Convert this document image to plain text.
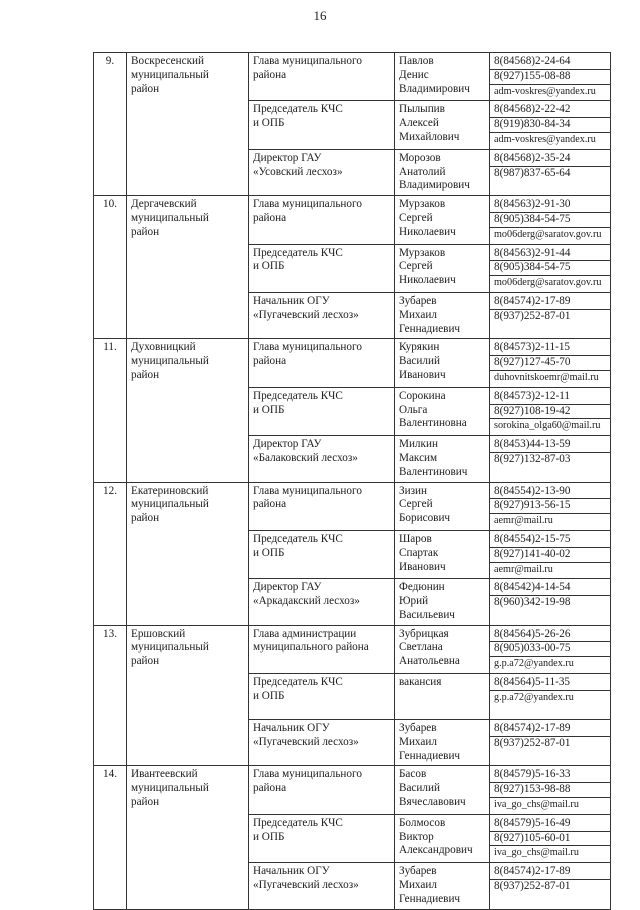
16
9.	Воскресенский
муниципальный
район	Глава муниципального
района	Павлов
Денис
Владимирович	8(84568)2-24-64
8(927)155-08-88
adm-voskres@yandex.ru

		Председатель КЧС
и ОПБ	Пылыпив
Алексей
Михайлович	8(84568)2-22-42
8(919)830-84-34
adm-voskres@yandex.ru

		Директор ГАУ
«Усовский лесхоз»	Морозов
Анатолий
Владимирович	8(84568)2-35-24
8(987)837-65-64

10.	Дергачевский
муниципальный
район	Глава муниципального
района	Мурзаков
Сергей
Николаевич	8(84563)2-91-30
8(905)384-54-75
mo06derg@saratov.gov.ru

		Председатель КЧС
и ОПБ	Мурзаков
Сергей
Николаевич	8(84563)2-91-44
8(905)384-54-75
mo06derg@saratov.gov.ru

		Начальник ОГУ
«Пугачевский лесхоз»	Зубарев
Михаил
Геннадиевич	8(84574)2-17-89
8(937)252-87-01

11.	Духовницкий
муниципальный
район	Глава муниципального
района	Курякин
Василий
Иванович	8(84573)2-11-15
8(927)127-45-70
duhovnitskoemr@mail.ru

		Председатель КЧС
и ОПБ	Сорокина
Ольга
Валентиновна	8(84573)2-12-11
8(927)108-19-42
sorokina_olga60@mail.ru

		Директор ГАУ
«Балаковский лесхоз»	Милкин
Максим
Валентинович	8(8453)44-13-59
8(927)132-87-03

12.	Екатериновский
муниципальный
район	Глава муниципального
района	Зизин
Сергей
Борисович	8(84554)2-13-90
8(927)913-56-15
aemr@mail.ru

		Председатель КЧС
и ОПБ	Шаров
Спартак
Иванович	8(84554)2-15-75
8(927)141-40-02
aemr@mail.ru

		Директор ГАУ
«Аркадакский лесхоз»	Федюнин
Юрий
Васильевич	8(84542)4-14-54
8(960)342-19-98

13.	Ершовский
муниципальный
район	Глава администрации
муниципального района	Зубрицкая
Светлана
Анатольевна	8(84564)5-26-26
8(905)033-00-75
g.p.a72@yandex.ru

		Председатель КЧС
и ОПБ	вакансия	8(84564)5-11-35
g.p.a72@yandex.ru

		Начальник ОГУ
«Пугачевский лесхоз»	Зубарев
Михаил
Геннадиевич	8(84574)2-17-89
8(937)252-87-01

14.	Ивантеевский
муниципальный
район	Глава муниципального
района	Басов
Василий
Вячеславович	8(84579)5-16-33
8(927)153-98-88
iva_go_chs@mail.ru

		Председатель КЧС
и ОПБ	Болмосов
Виктор
Александрович	8(84579)5-16-49
8(927)105-60-01
iva_go_chs@mail.ru

		Начальник ОГУ
«Пугачевский лесхоз»	Зубарев
Михаил
Геннадиевич	8(84574)2-17-89
8(937)252-87-01
